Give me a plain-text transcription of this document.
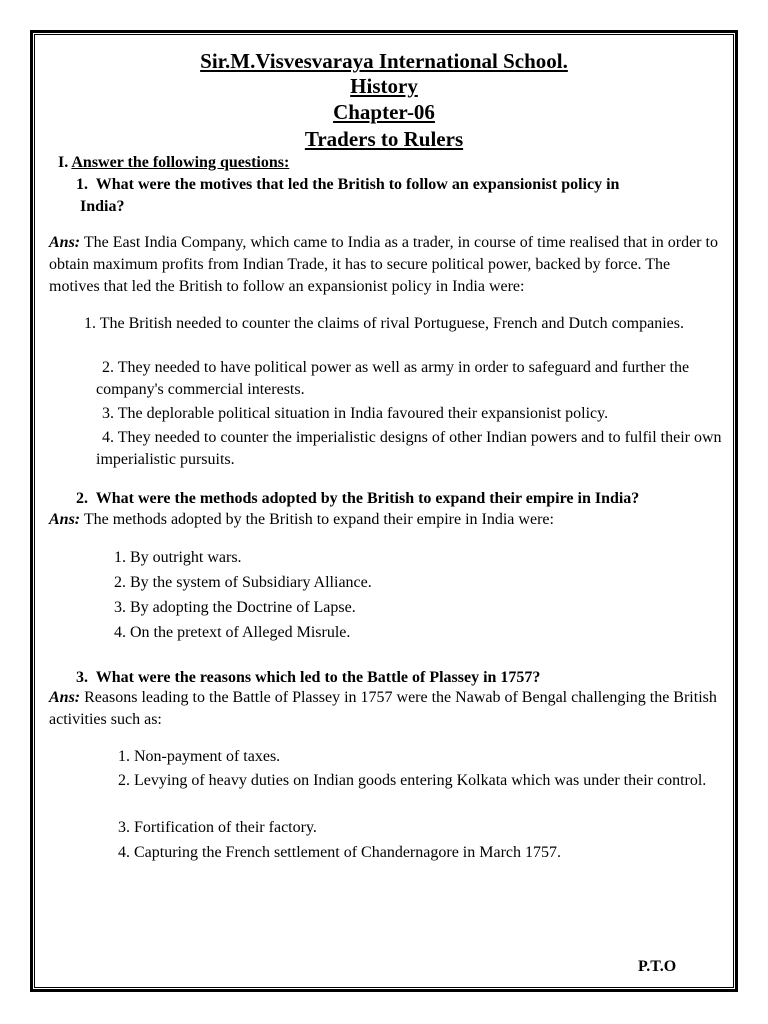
Sir.M.Visvesvaraya International School.
History
Chapter-06
Traders to Rulers
I. Answer the following questions:
1. What were the motives that led the British to follow an expansionist policy in
India?
Ans: The East India Company, which came to India as a trader, in course of time realised that in order to obtain maximum profits from Indian Trade, it has to secure political power, backed by force. The motives that led the British to follow an expansionist policy in India were:
1. The British needed to counter the claims of rival Portuguese, French and Dutch companies.
2. They needed to have political power as well as army in order to safeguard and further the company's commercial interests.
3. The deplorable political situation in India favoured their expansionist policy.
4. They needed to counter the imperialistic designs of other Indian powers and to fulfil their own imperialistic pursuits.
2. What were the methods adopted by the British to expand their empire in India?
Ans: The methods adopted by the British to expand their empire in India were:
1. By outright wars.
2. By the system of Subsidiary Alliance.
3. By adopting the Doctrine of Lapse.
4. On the pretext of Alleged Misrule.
3. What were the reasons which led to the Battle of Plassey in 1757?
Ans: Reasons leading to the Battle of Plassey in 1757 were the Nawab of Bengal challenging the British activities such as:
1. Non-payment of taxes.
2. Levying of heavy duties on Indian goods entering Kolkata which was under their control.
3. Fortification of their factory.
4. Capturing the French settlement of Chandernagore in March 1757.
P.T.O
